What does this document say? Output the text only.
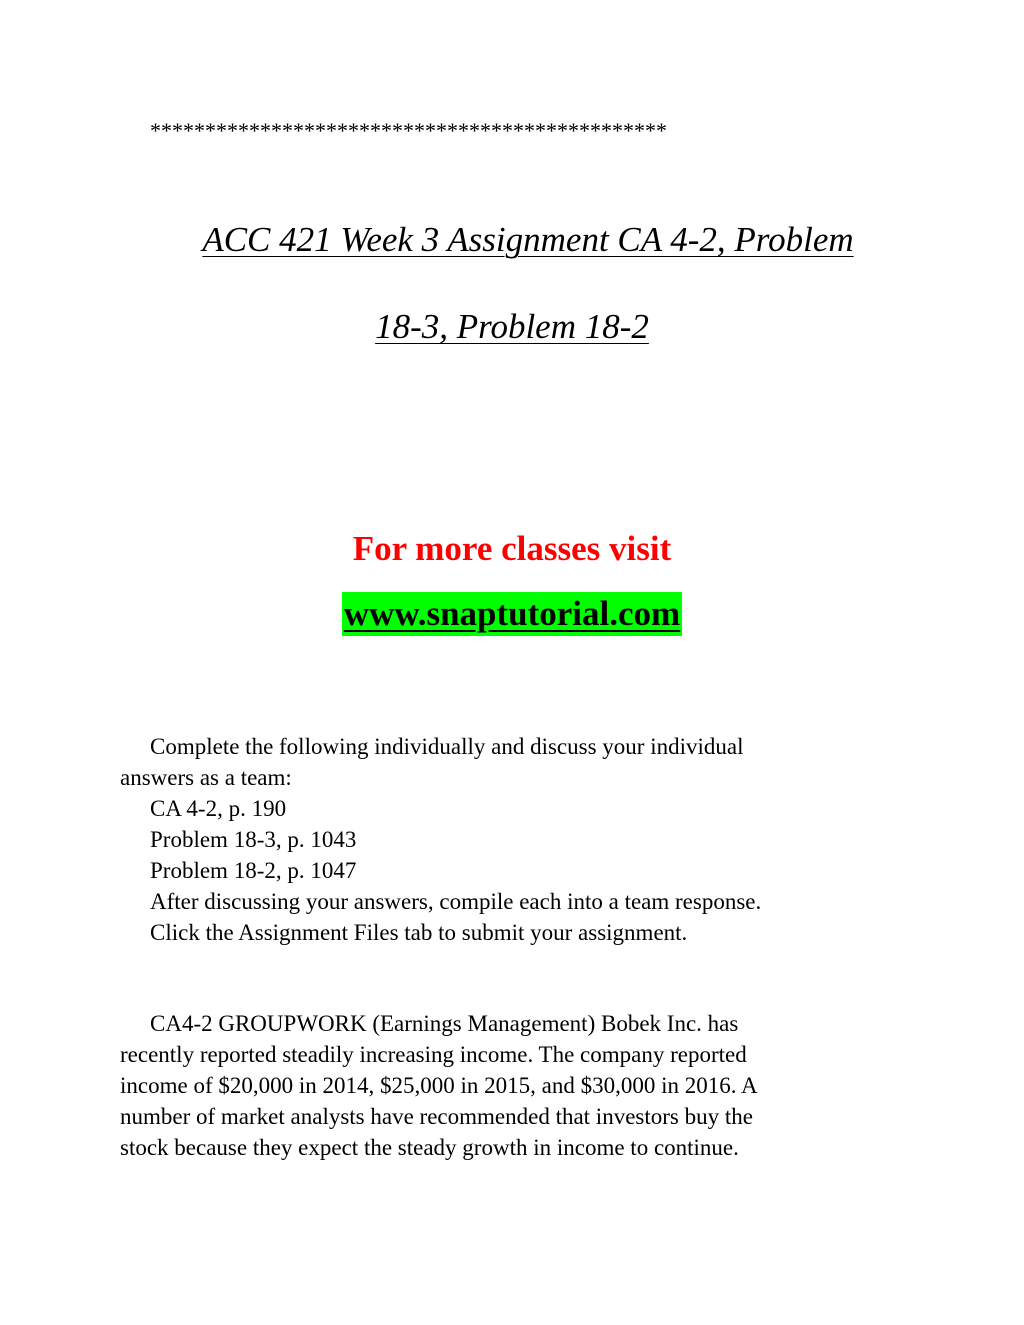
***********************************************
ACC 421 Week 3 Assignment CA 4-2, Problem
18-3, Problem 18-2
For more classes visit
www.snaptutorial.com
Complete the following individually and discuss your individual
answers as a team:
CA 4-2, p. 190
Problem 18-3, p. 1043
Problem 18-2, p. 1047
After discussing your answers, compile each into a team response.
Click the Assignment Files tab to submit your assignment.
CA4-2 GROUPWORK (Earnings Management) Bobek Inc. has
recently reported steadily increasing income. The company reported
income of $20,000 in 2014, $25,000 in 2015, and $30,000 in 2016. A
number of market analysts have recommended that investors buy the
stock because they expect the steady growth in income to continue.
